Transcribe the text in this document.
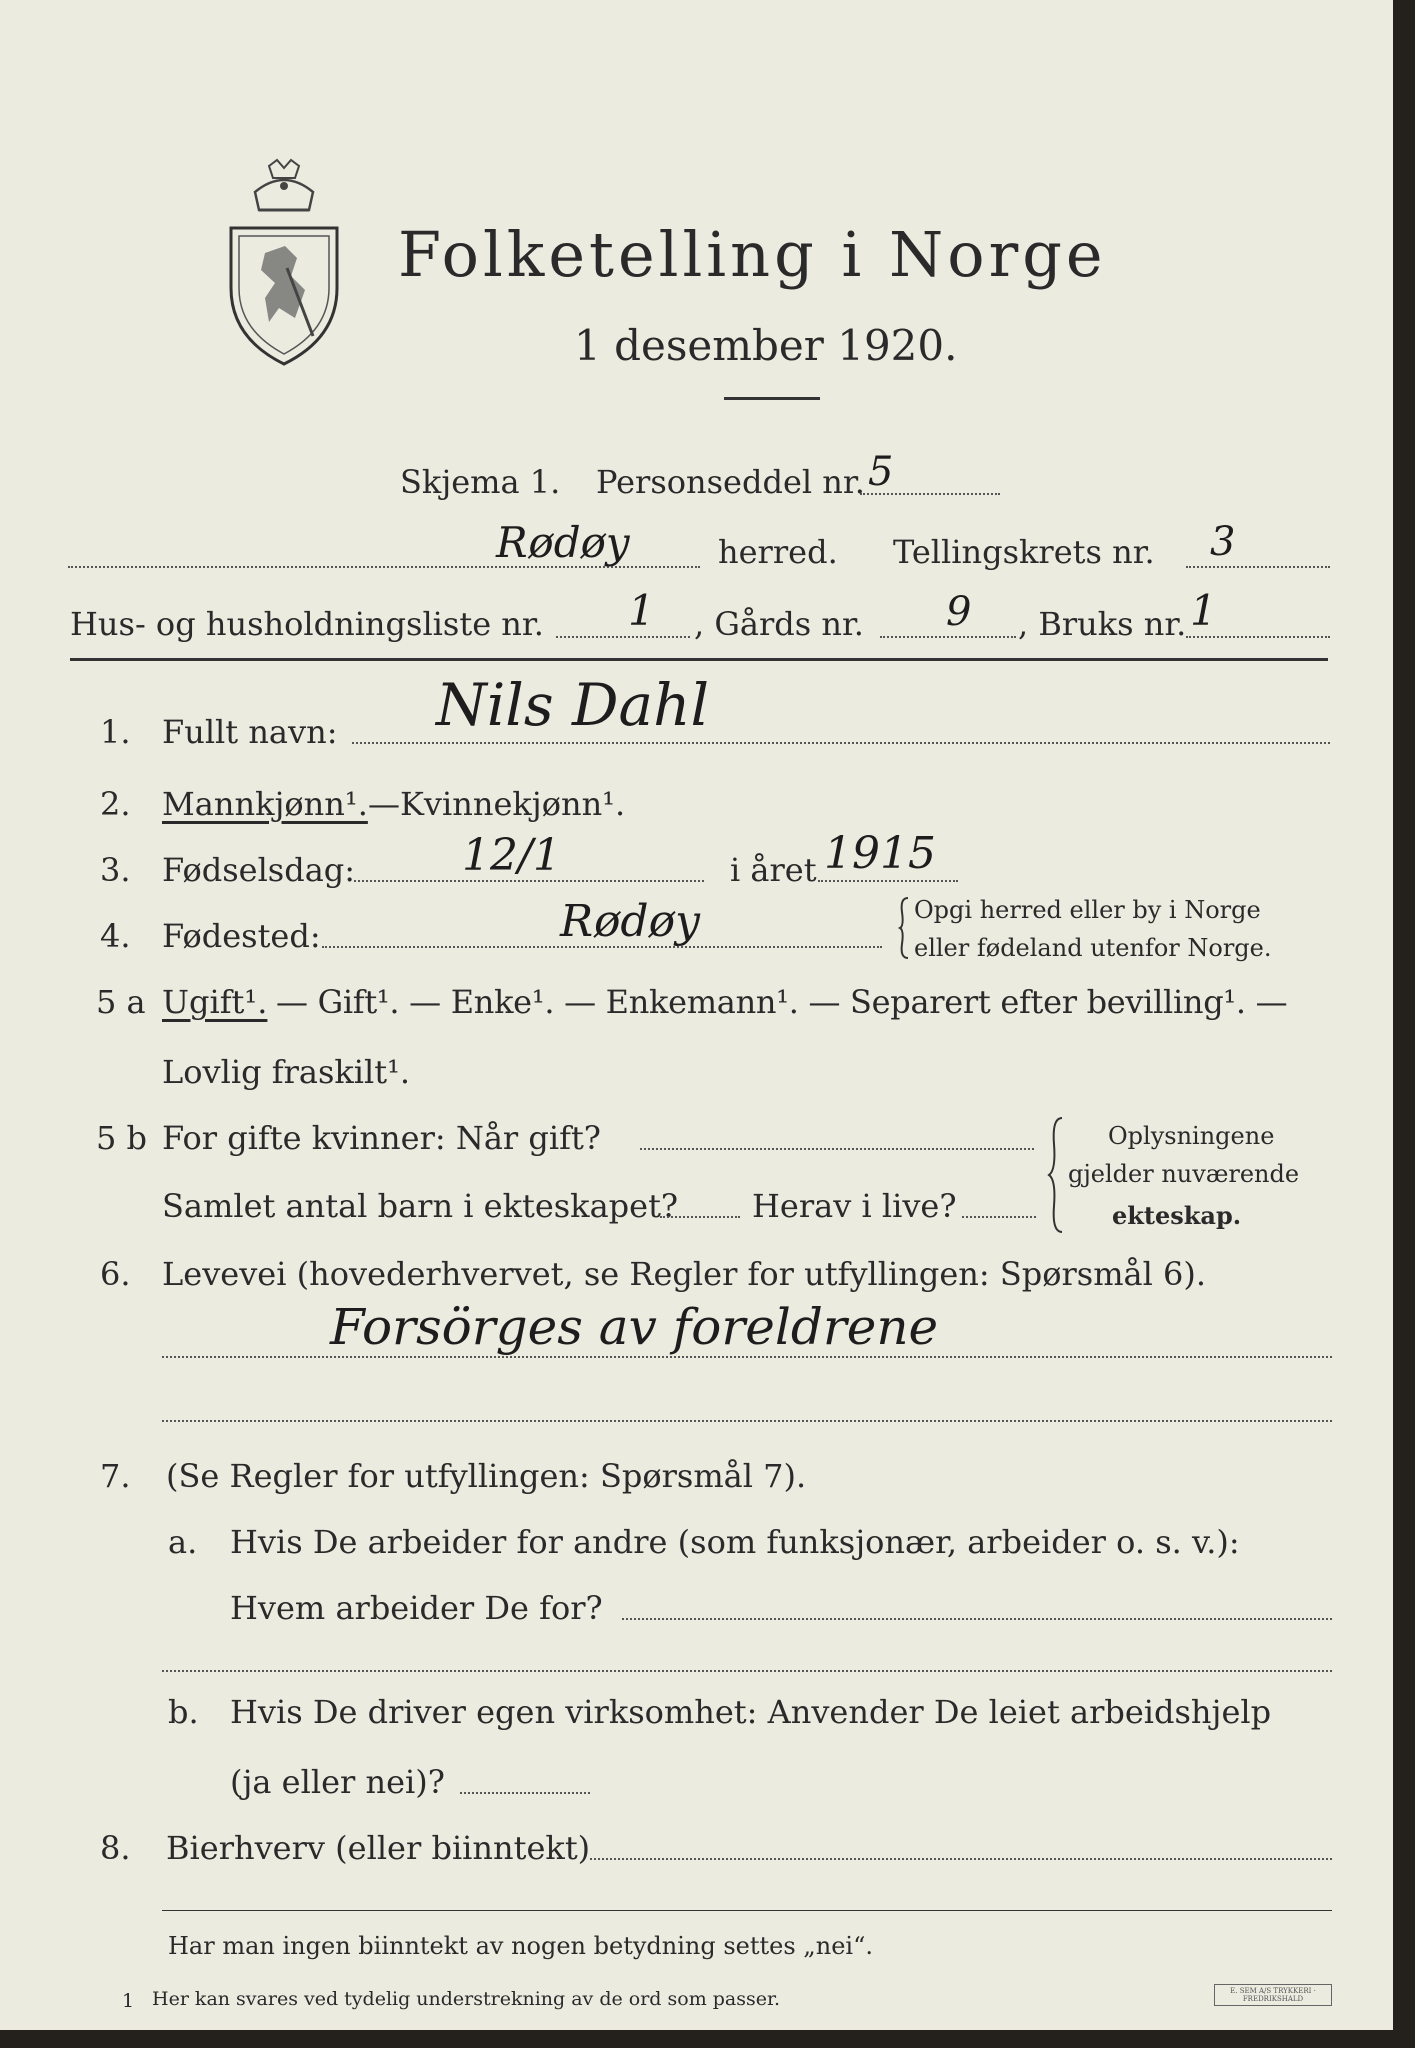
Folketelling i Norge
1 desember 1920.
Skjema 1. Personseddel nr. 5
Rødøy	herred. Tellingskrets nr. 3
Hus- og husholdningsliste nr. 1 , Gårds nr. 9 , Bruks nr. 1
1. Fullt navn: Nils Dahl
2. Mannkjønn¹. — Kvinnekjønn¹.
3. Fødselsdag: 12/1	i året 1915
4. Fødested:	Rødøy	Opgi herred eller by i Norge
eller fødeland utenfor Norge.
5 a Ugift¹. — Gift¹. — Enke¹. — Enkemann¹. — Separert efter bevilling¹. —
Lovlig fraskilt¹.
5 b For gifte kvinner: Når gift?
Samlet antal barn i ekteskapet? Herav i live?
Oplysningene
gjelder nuværende
ekteskap.
6. Levevei (hovederhvervet, se Regler for utfyllingen: Spørsmål 6).
Forsörges av foreldrene
7. (Se Regler for utfyllingen: Spørsmål 7).
a. Hvis De arbeider for andre (som funksjonær, arbeider o. s. v.):
Hvem arbeider De for?
b. Hvis De driver egen virksomhet: Anvender De leiet arbeidshjelp
(ja eller nei)?
8. Bierhverv (eller biinntekt)
Har man ingen biinntekt av nogen betydning settes „nei“.
1 Her kan svares ved tydelig understrekning av de ord som passer.	E. SEM A/S TRYKKERI · FREDRIKSHALD
